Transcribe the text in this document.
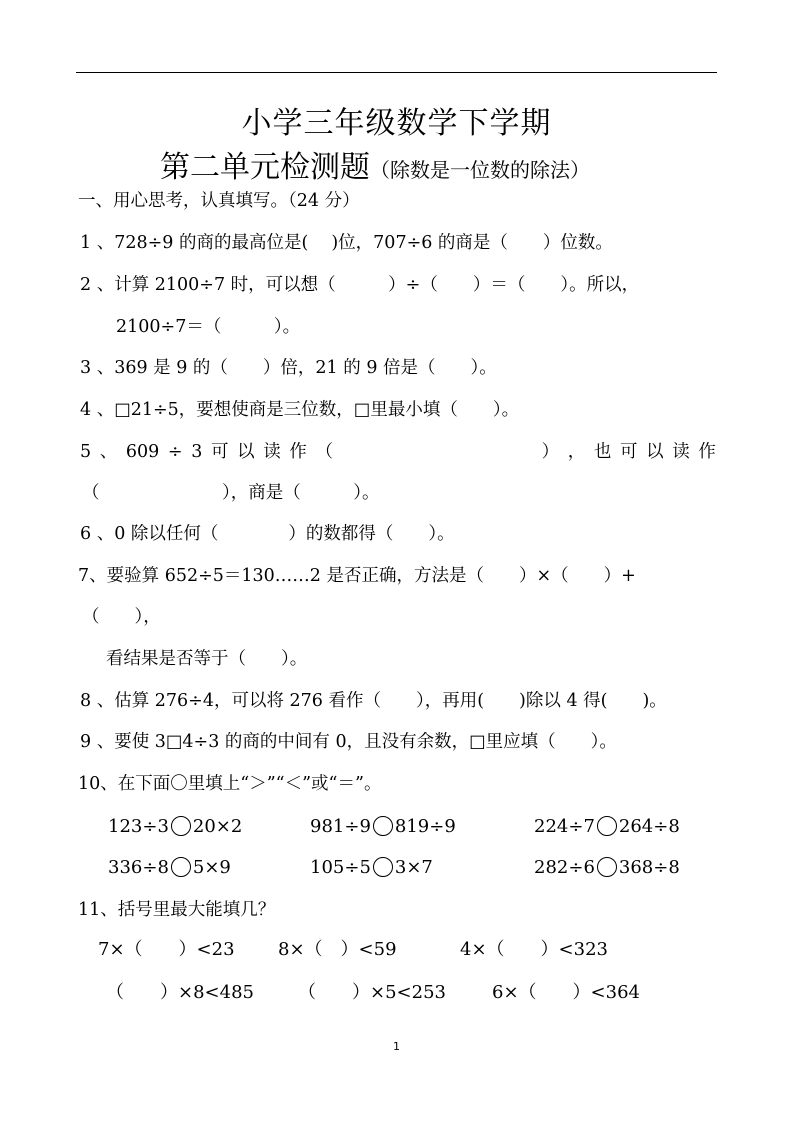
小学三年级数学下学期
第二单元检测题（除数是一位数的除法）
一、用心思考，认真填写。（24 分）
1 、728÷9 的商的最高位是(　 )位，707÷6 的商是（　　）位数。
2 、计算 2100÷7 时，可以想（　　　）÷（　　）＝（　　）。所以，
2100÷7＝（　　　）。
3 、369 是 9 的（　　）倍，21 的 9 倍是（　　）。
4 、□21÷5，要想使商是三位数，□里最小填（　　）。
5 、 609 ÷ 3 可 以 读 作 （	） ， 也 可 以 读 作
（　　　　　　　），商是（　　　）。
6 、0 除以任何（　　　　）的数都得（　　）。
7、要验算 652÷5＝130……2 是否正确，方法是（　　）×（　　）+
（　　），
看结果是否等于（　　）。
8 、估算 276÷4，可以将 276 看作（　　），再用(　　)除以 4 得(　　)。
9 、要使 3□4÷3 的商的中间有 0，且没有余数，□里应填（　　）。
10、在下面〇里填上“＞”“＜”或“＝”。
123÷3 20×2	981÷9 819÷9	224÷7 264÷8
336÷8 5×9	105÷5 3×7	282÷6 368÷8
11、括号里最大能填几？
7×（　　）<23 8×（　）<59	4×（　　）<323
（　　）×8<485 （　　）×5<253	6×（　　）<364
1
